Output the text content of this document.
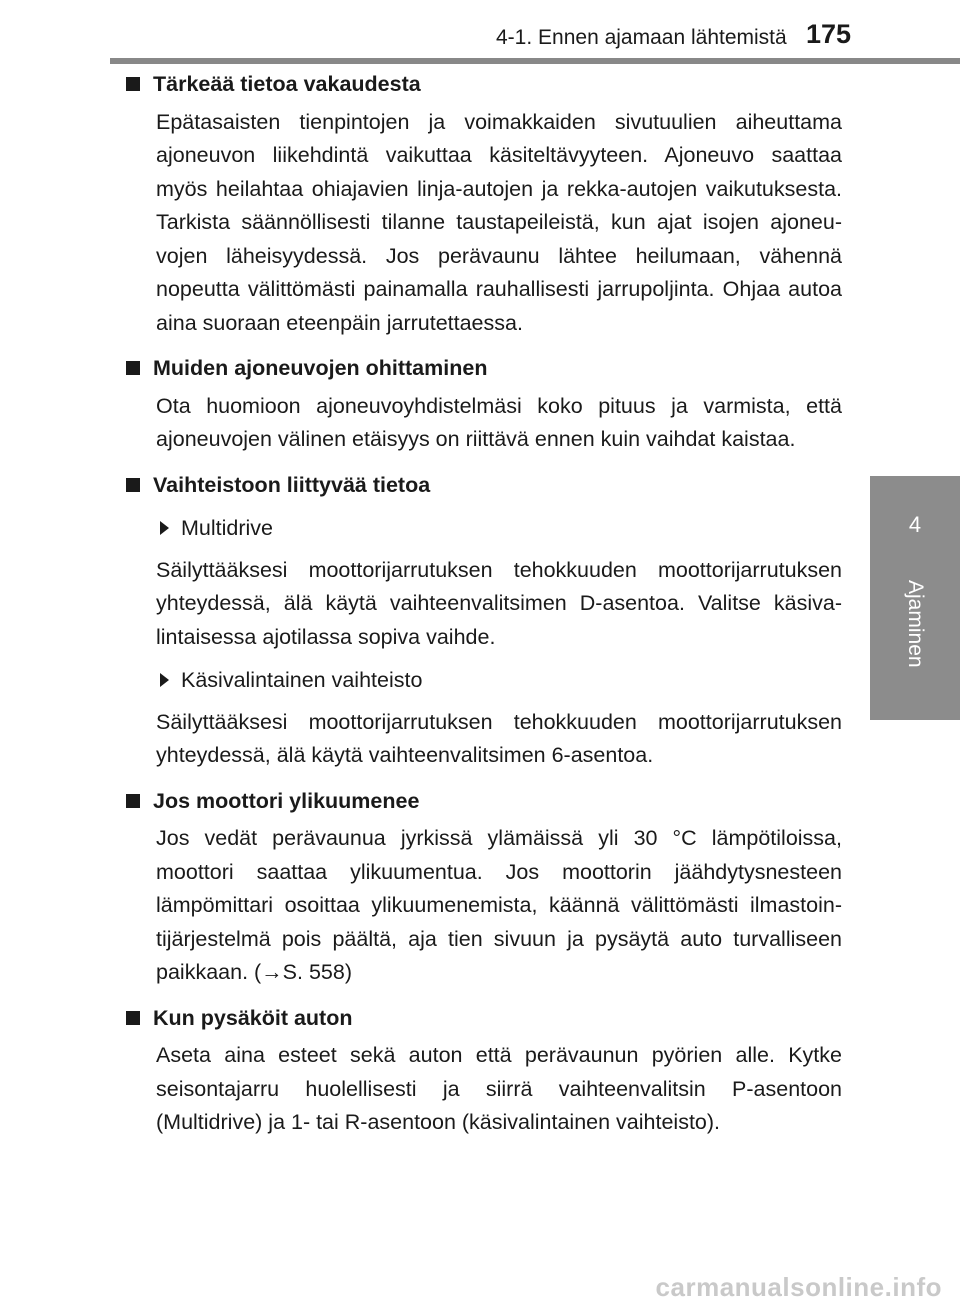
4-1. Ennen ajamaan lähtemistä 175
4
Ajaminen
Tärkeää tietoa vakaudesta

Epätasaisten tienpintojen ja voimakkaiden sivutuulien aiheuttama ajoneuvon liikehdintä vaikuttaa käsiteltävyyteen. Ajoneuvo saattaa myös heilahtaa ohiajavien linja-autojen ja rekka-autojen vaikutuksesta. Tarkista säännöllisesti tilanne taustapeileistä, kun ajat isojen ajoneu-vojen läheisyydessä. Jos perävaunu lähtee heilumaan, vähennä nopeutta välittömästi painamalla rauhallisesti jarrupoljinta. Ohjaa autoa aina suoraan eteenpäin jarrutettaessa.

Muiden ajoneuvojen ohittaminen

Ota huomioon ajoneuvoyhdistelmäsi koko pituus ja varmista, että ajoneuvojen välinen etäisyys on riittävä ennen kuin vaihdat kaistaa.

Vaihteistoon liittyvää tietoa
Multidrive

Säilyttääksesi moottorijarrutuksen tehokkuuden moottorijarrutuksen yhteydessä, älä käytä vaihteenvalitsimen D-asentoa. Valitse käsiva-lintaisessa ajotilassa sopiva vaihde.

Käsivalintainen vaihteisto

Säilyttääksesi moottorijarrutuksen tehokkuuden moottorijarrutuksen yhteydessä, älä käytä vaihteenvalitsimen 6-asentoa.

Jos moottori ylikuumenee

Jos vedät perävaunua jyrkissä ylämäissä yli 30 °C lämpötiloissa, moottori saattaa ylikuumentua. Jos moottorin jäähdytysnesteen lämpömittari osoittaa ylikuumenemista, käännä välittömästi ilmastoin-tijärjestelmä pois päältä, aja tien sivuun ja pysäytä auto turvalliseen paikkaan. (→S. 558)

Kun pysäköit auton

Aseta aina esteet sekä auton että perävaunun pyörien alle. Kytke seisontajarru huolellisesti ja siirrä vaihteenvalitsin P-asentoon (Multidrive) ja 1- tai R-asentoon (käsivalintainen vaihteisto).

carmanualsonline.info
